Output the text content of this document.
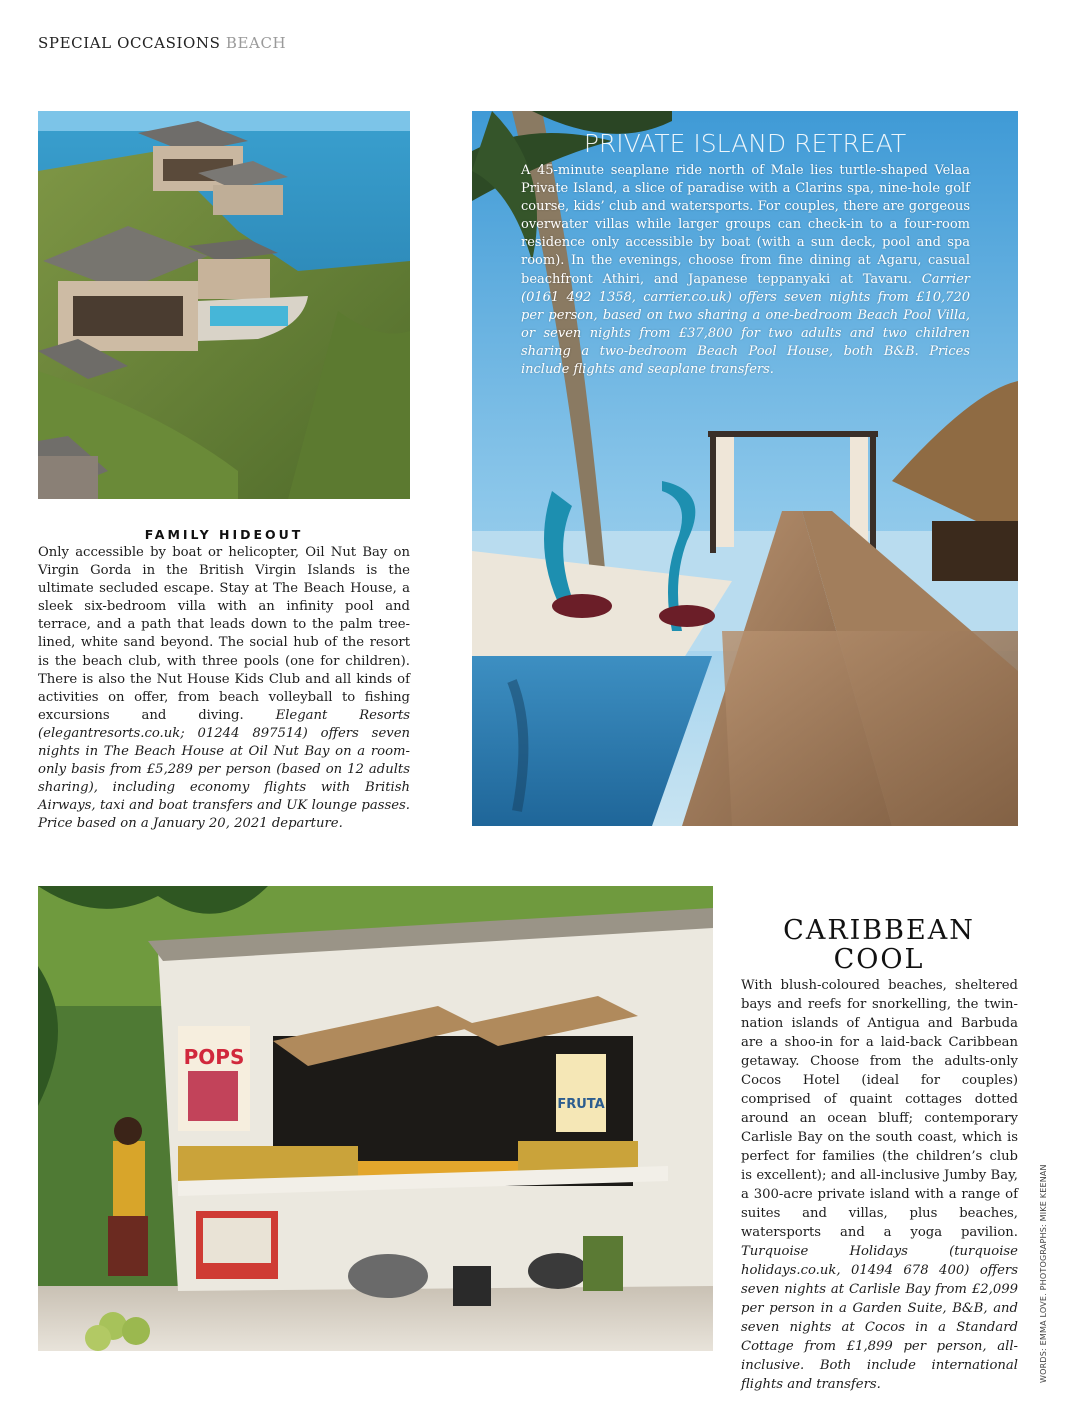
SPECIAL OCCASIONS BEACH
FAMILY HIDEOUT
Only accessible by boat or helicopter, Oil Nut Bay on Virgin Gorda in the British Virgin Islands is the ultimate secluded escape. Stay at The Beach House, a sleek six-bedroom villa with an infinity pool and terrace, and a path that leads down to the palm tree-lined, white sand beyond. The social hub of the resort is the beach club, with three pools (one for children). There is also the Nut House Kids Club and all kinds of activities on offer, from beach volleyball to fishing excursions and diving. Elegant Resorts (elegantresorts.co.uk; 01244 897514) offers seven nights in The Beach House at Oil Nut Bay on a room-only basis from £5,289 per person (based on 12 adults sharing), including economy flights with British Airways, taxi and boat transfers and UK lounge passes. Price based on a January 20, 2021 departure.
PRIVATE ISLAND RETREAT
A 45-minute seaplane ride north of Male lies turtle-shaped Velaa Private Island, a slice of paradise with a Clarins spa, nine-hole golf course, kids’ club and watersports. For couples, there are gorgeous overwater villas while larger groups can check-in to a four-room residence only accessible by boat (with a sun deck, pool and spa room). In the evenings, choose from fine dining at Agaru, casual beachfront Athiri, and Japanese teppanyaki at Tavaru. Carrier (0161 492 1358, carrier.co.uk) offers seven nights from £10,720 per person, based on two sharing a one-bedroom Beach Pool Villa, or seven nights from £37,800 for two adults and two children sharing a two-bedroom Beach Pool House, both B&B. Prices include flights and seaplane transfers.
POPS
FRUTA
CARIBBEAN
COOL
With blush-coloured beaches, sheltered bays and reefs for snorkelling, the twin-nation islands of Antigua and Barbuda are a shoo-in for a laid-back Caribbean getaway. Choose from the adults-only Cocos Hotel (ideal for couples) comprised of quaint cottages dotted around an ocean bluff; contemporary Carlisle Bay on the south coast, which is perfect for families (the children’s club is excellent); and all-inclusive Jumby Bay, a 300-acre private island with a range of suites and villas, plus beaches, watersports and a yoga pavilion. Turquoise Holidays (turquoise holidays.co.uk, 01494 678 400) offers seven nights at Carlisle Bay from £2,099 per person in a Garden Suite, B&B, and seven nights at Cocos in a Standard Cottage from £1,899 per person, all-inclusive. Both include international flights and transfers.
WORDS: EMMA LOVE. PHOTOGRAPHS: MIKE KEENAN
